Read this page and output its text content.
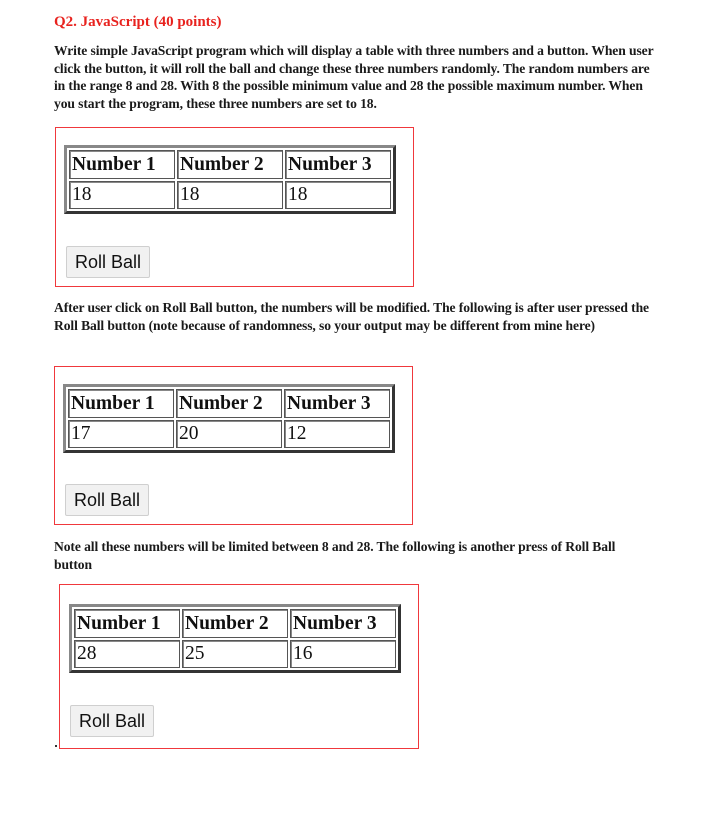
Q2. JavaScript (40 points)

Write simple JavaScript program which will display a table with three numbers and a button. When user click the button, it will roll the ball and change these three numbers randomly. The random numbers are in the range 8 and 28. With 8 the possible minimum value and 28 the possible maximum number. When you start the program, these three numbers are set to 18.

Number 1	Number 2	Number 3
18	18	18
Roll Ball

After user click on Roll Ball button, the numbers will be modified. The following is after user pressed the Roll Ball button (note because of randomness, so your output may be different from mine here)

Number 1	Number 2	Number 3
17	20	12
Roll Ball

Note all these numbers will be limited between 8 and 28. The following is another press of Roll Ball button

Number 1	Number 2	Number 3
28	25	16
Roll Ball
